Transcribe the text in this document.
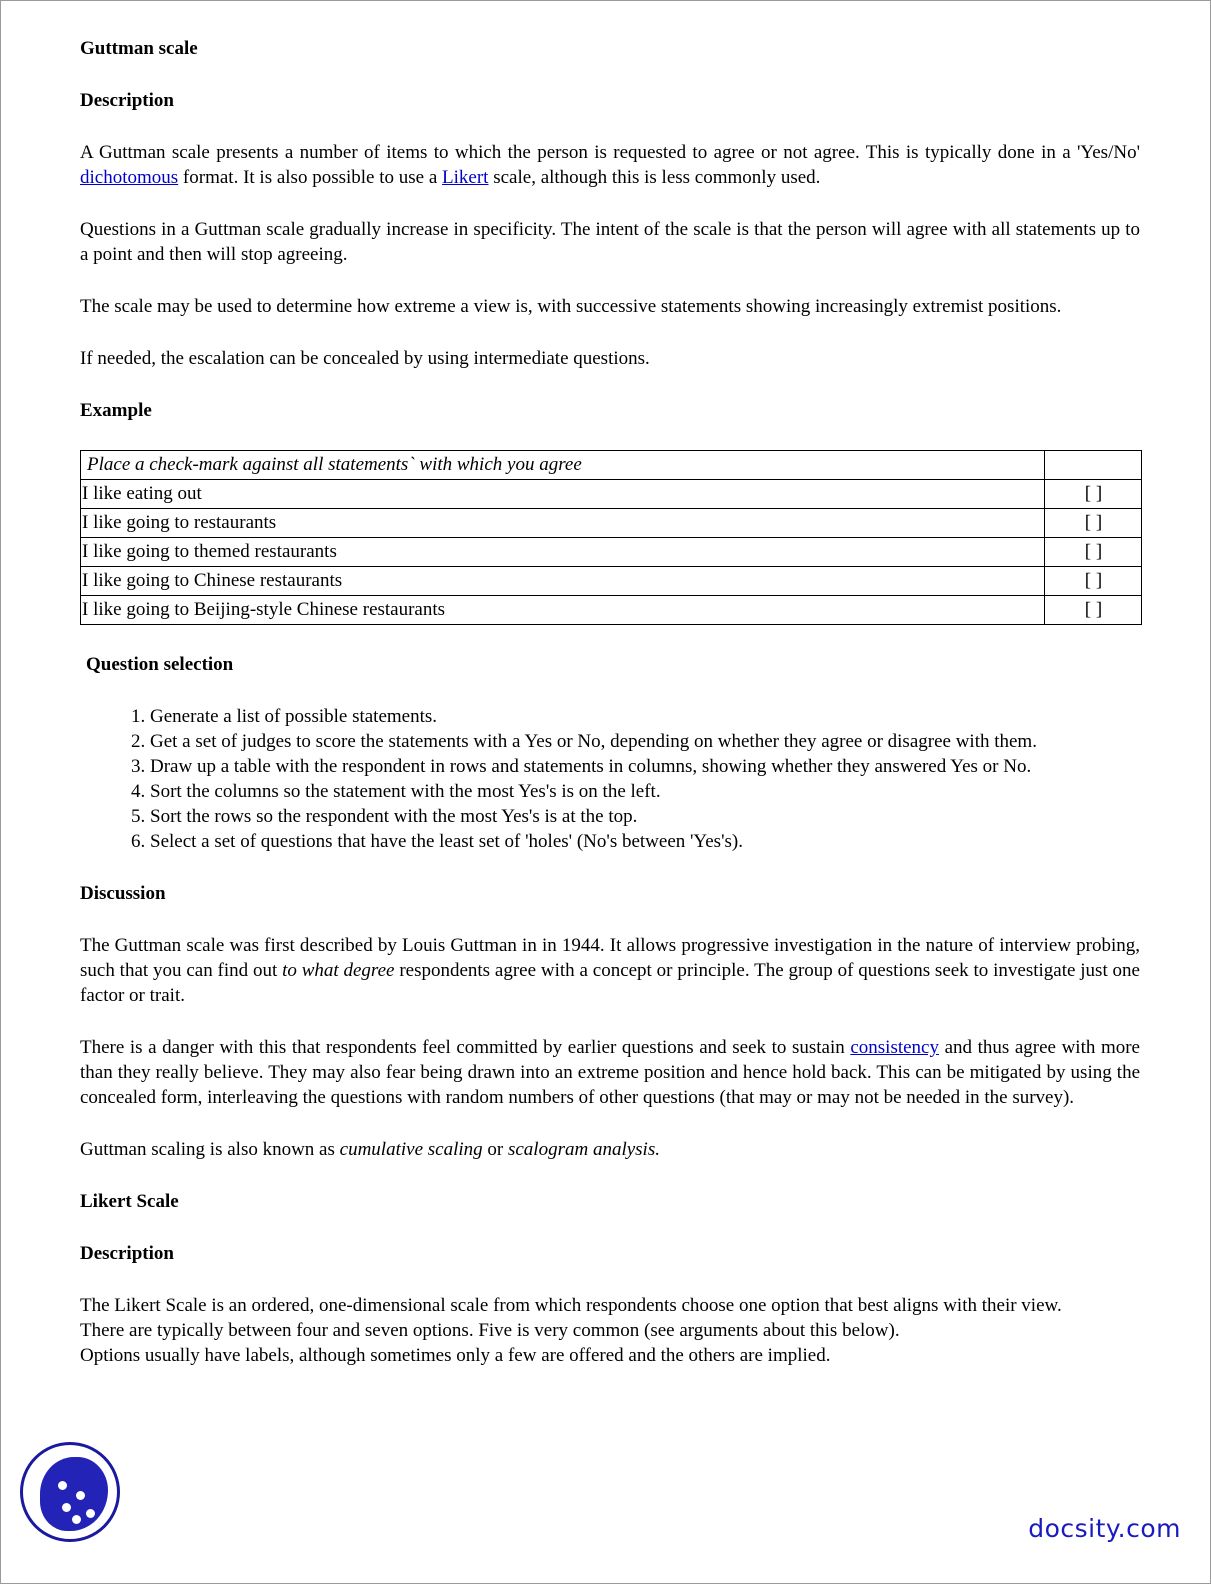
Guttman scale
Description

A Guttman scale presents a number of items to which the person is requested to agree or not agree. This is typically done in a 'Yes/No' dichotomous format. It is also possible to use a Likert scale, although this is less commonly used.

Questions in a Guttman scale gradually increase in specificity. The intent of the scale is that the person will agree with all statements up to a point and then will stop agreeing.

The scale may be used to determine how extreme a view is, with successive statements showing increasingly extremist positions.

If needed, the escalation can be concealed by using intermediate questions.

Example
Place a check-mark against all statements` with which you agree	
I like eating out	[ ]
I like going to restaurants	[ ]
I like going to themed restaurants	[ ]
I like going to Chinese restaurants	[ ]
I like going to Beijing-style Chinese restaurants	[ ]
Question selection
1. Generate a list of possible statements.
2. Get a set of judges to score the statements with a Yes or No, depending on whether they agree or disagree with them.
3. Draw up a table with the respondent in rows and statements in columns, showing whether they answered Yes or No.
4. Sort the columns so the statement with the most Yes's is on the left.
5. Sort the rows so the respondent with the most Yes's is at the top.
6. Select a set of questions that have the least set of 'holes' (No's between 'Yes's).
Discussion

The Guttman scale was first described by Louis Guttman in in 1944. It allows progressive investigation in the nature of interview probing, such that you can find out to what degree respondents agree with a concept or principle. The group of questions seek to investigate just one factor or trait.

There is a danger with this that respondents feel committed by earlier questions and seek to sustain consistency and thus agree with more than they really believe. They may also fear being drawn into an extreme position and hence hold back. This can be mitigated by using the concealed form, interleaving the questions with random numbers of other questions (that may or may not be needed in the survey).

Guttman scaling is also known as cumulative scaling or scalogram analysis.

Likert Scale
Description

The Likert Scale is an ordered, one-dimensional scale from which respondents choose one option that best aligns with their view.

There are typically between four and seven options. Five is very common (see arguments about this below).

Options usually have labels, although sometimes only a few are offered and the others are implied.

docsity.com
